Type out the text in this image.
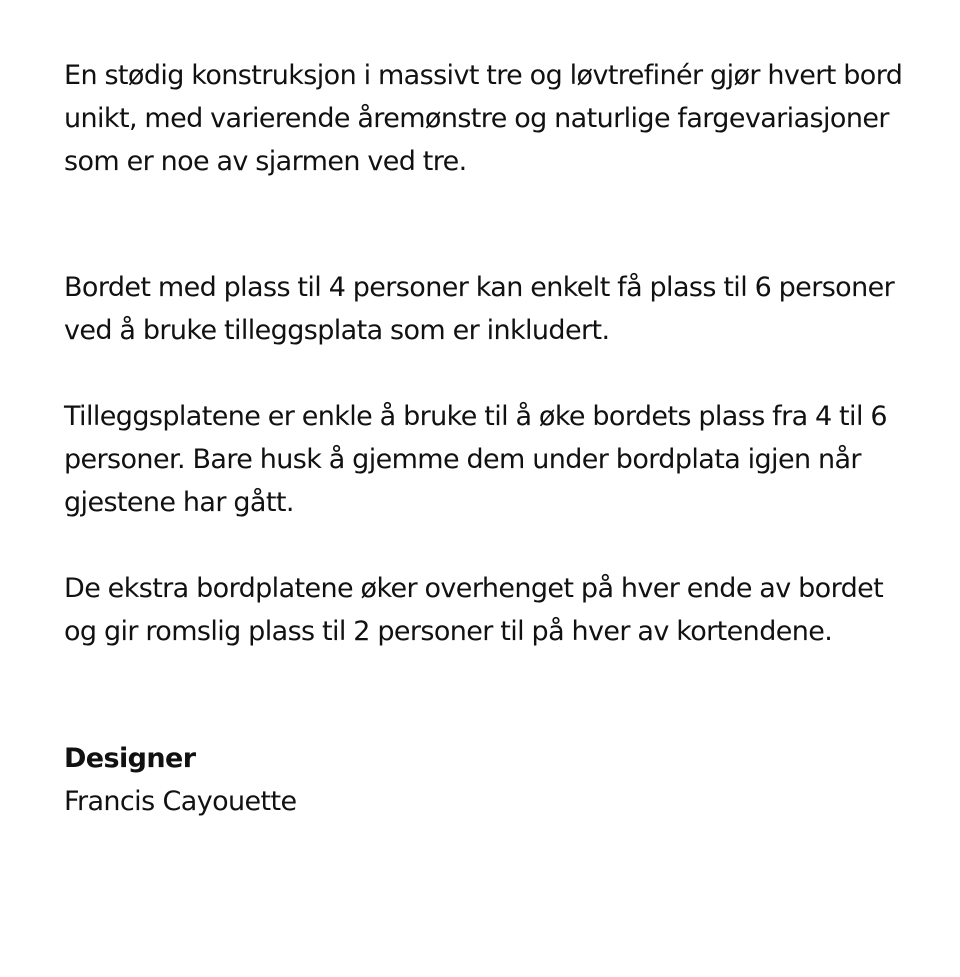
En stødig konstruksjon i massivt tre og løvtrefinér gjør hvert bord unikt, med varierende åremønstre og naturlige fargevariasjoner som er noe av sjarmen ved tre.

Bordet med plass til 4 personer kan enkelt få plass til 6 personer ved å bruke tilleggsplata som er inkludert.

Tilleggsplatene er enkle å bruke til å øke bordets plass fra 4 til 6 personer. Bare husk å gjemme dem under bordplata igjen når gjestene har gått.

De ekstra bordplatene øker overhenget på hver ende av bordet og gir romslig plass til 2 personer til på hver av kortendene.

Designer
Francis Cayouette
